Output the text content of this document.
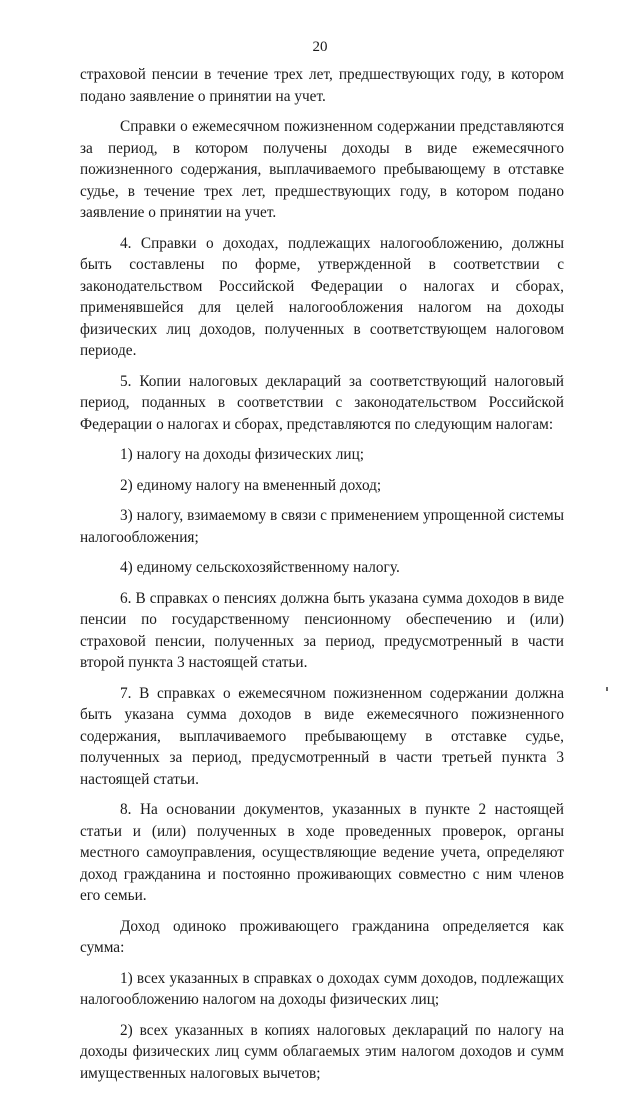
20

страховой пенсии в течение трех лет, предшествующих году, в котором подано заявление о принятии на учет.

Справки о ежемесячном пожизненном содержании представляются за период, в котором получены доходы в виде ежемесячного пожизненного содержания, выплачиваемого пребывающему в отставке судье, в течение трех лет, предшествующих году, в котором подано заявление о принятии на учет.

4. Справки о доходах, подлежащих налогообложению, должны быть составлены по форме, утвержденной в соответствии с законодательством Российской Федерации о налогах и сборах, применявшейся для целей налогообложения налогом на доходы физических лиц доходов, полученных в соответствующем налоговом периоде.

5. Копии налоговых деклараций за соответствующий налоговый период, поданных в соответствии с законодательством Российской Федерации о налогах и сборах, представляются по следующим налогам:

1) налогу на доходы физических лиц;

2) единому налогу на вмененный доход;

3) налогу, взимаемому в связи с применением упрощенной системы налогообложения;

4) единому сельскохозяйственному налогу.

6. В справках о пенсиях должна быть указана сумма доходов в виде пенсии по государственному пенсионному обеспечению и (или) страховой пенсии, полученных за период, предусмотренный в части второй пункта 3 настоящей статьи.

7. В справках о ежемесячном пожизненном содержании должна быть указана сумма доходов в виде ежемесячного пожизненного содержания, выплачиваемого пребывающему в отставке судье, полученных за период, предусмотренный в части третьей пункта 3 настоящей статьи.

8. На основании документов, указанных в пункте 2 настоящей статьи и (или) полученных в ходе проведенных проверок, органы местного самоуправления, осуществляющие ведение учета, определяют доход гражданина и постоянно проживающих совместно с ним членов его семьи.

Доход одиноко проживающего гражданина определяется как сумма:

1) всех указанных в справках о доходах сумм доходов, подлежащих налогообложению налогом на доходы физических лиц;

2) всех указанных в копиях налоговых деклараций по налогу на доходы физических лиц сумм облагаемых этим налогом доходов и сумм имущественных налоговых вычетов;
